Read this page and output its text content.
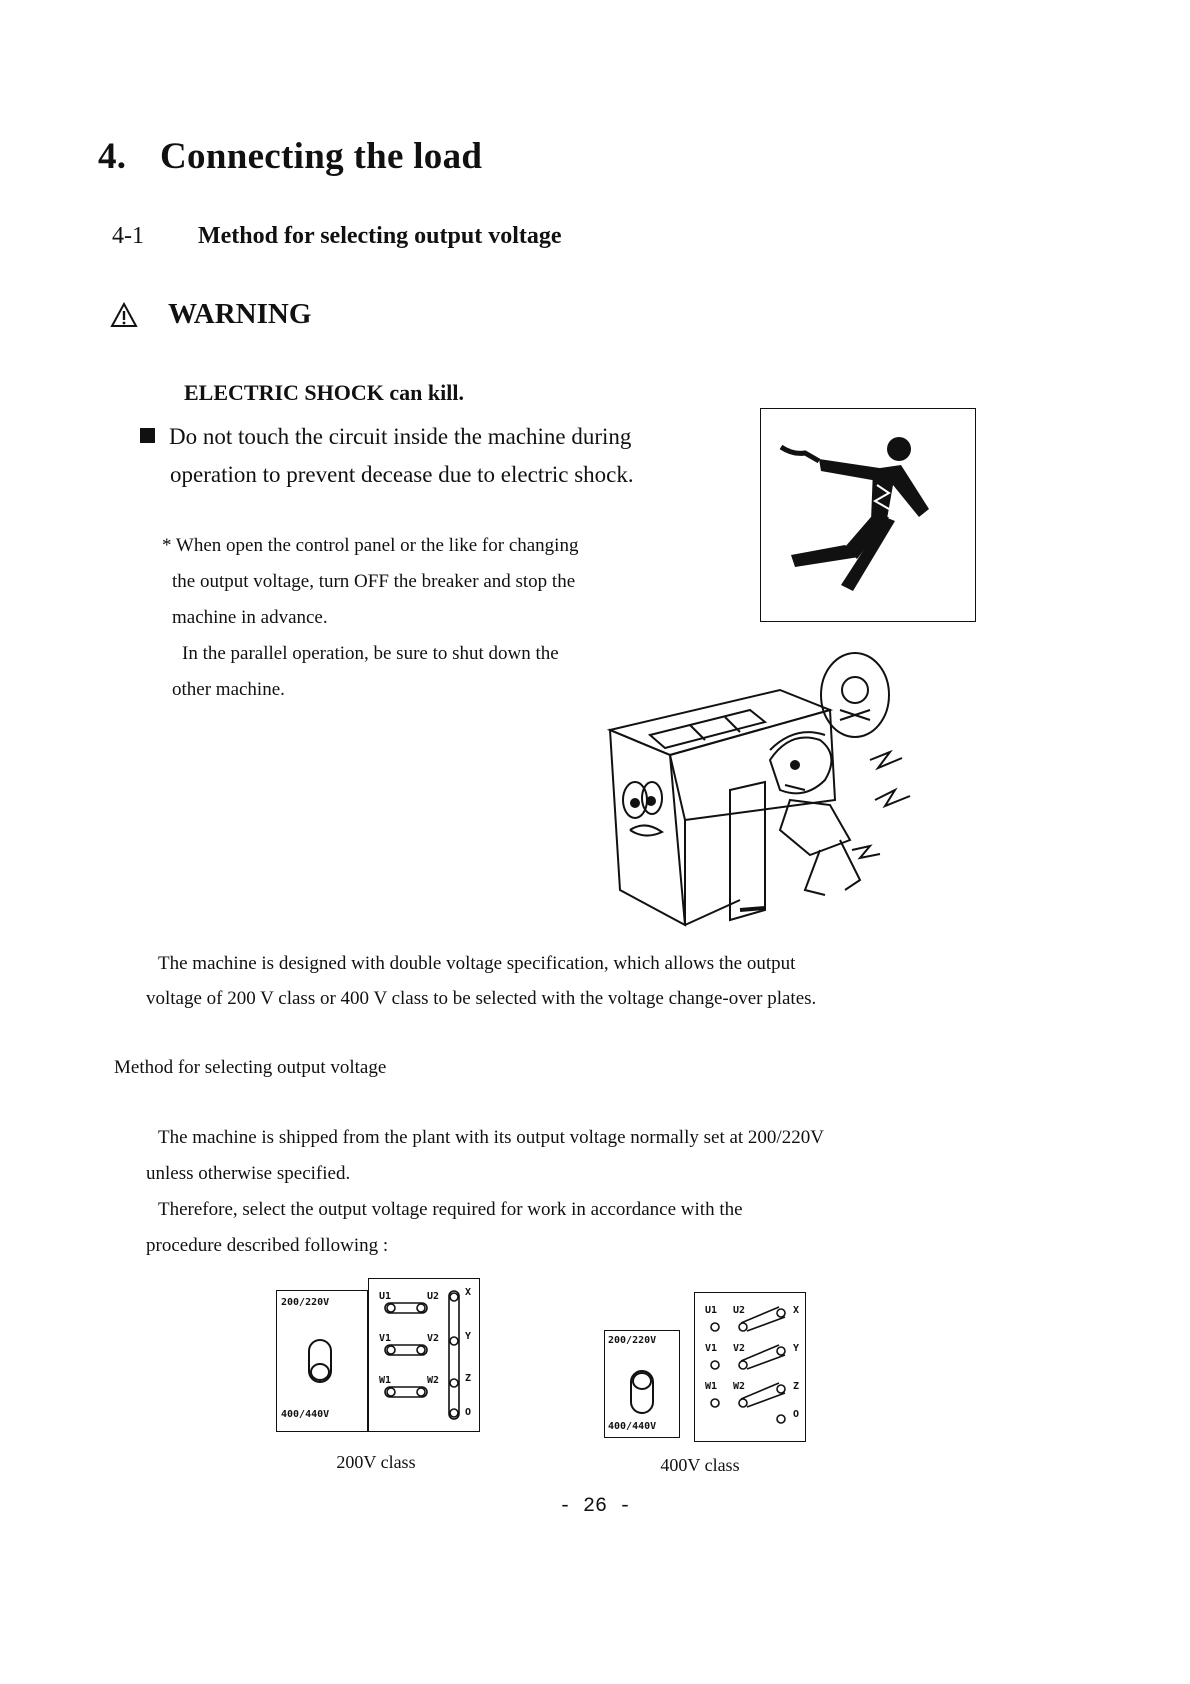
4. Connecting the load
4-1 Method for selecting output voltage
WARNING
ELECTRIC SHOCK can kill.
Do not touch the circuit inside the machine during
operation to prevent decease due to electric shock.
* When open the control panel or the like for changing
the output voltage, turn OFF the breaker and stop the
machine in advance.
In the parallel operation, be sure to shut down the
other machine.
The machine is designed with double voltage specification, which allows the output
voltage of 200 V class or 400 V class to be selected with the voltage change-over plates.
Method for selecting output voltage
The machine is shipped from the plant with its output voltage normally set at 200/220V
unless otherwise specified.
Therefore, select the output voltage required for work in accordance with the
procedure described following :
200/220V
400/440V
U1	U2
V1	V2
W1	W2
X
Y
Z
O
200V class
200/220V
400/440V
U1 U2
V1 V2
W1 W2
X
Y
Z
O
400V class
- 26 -
